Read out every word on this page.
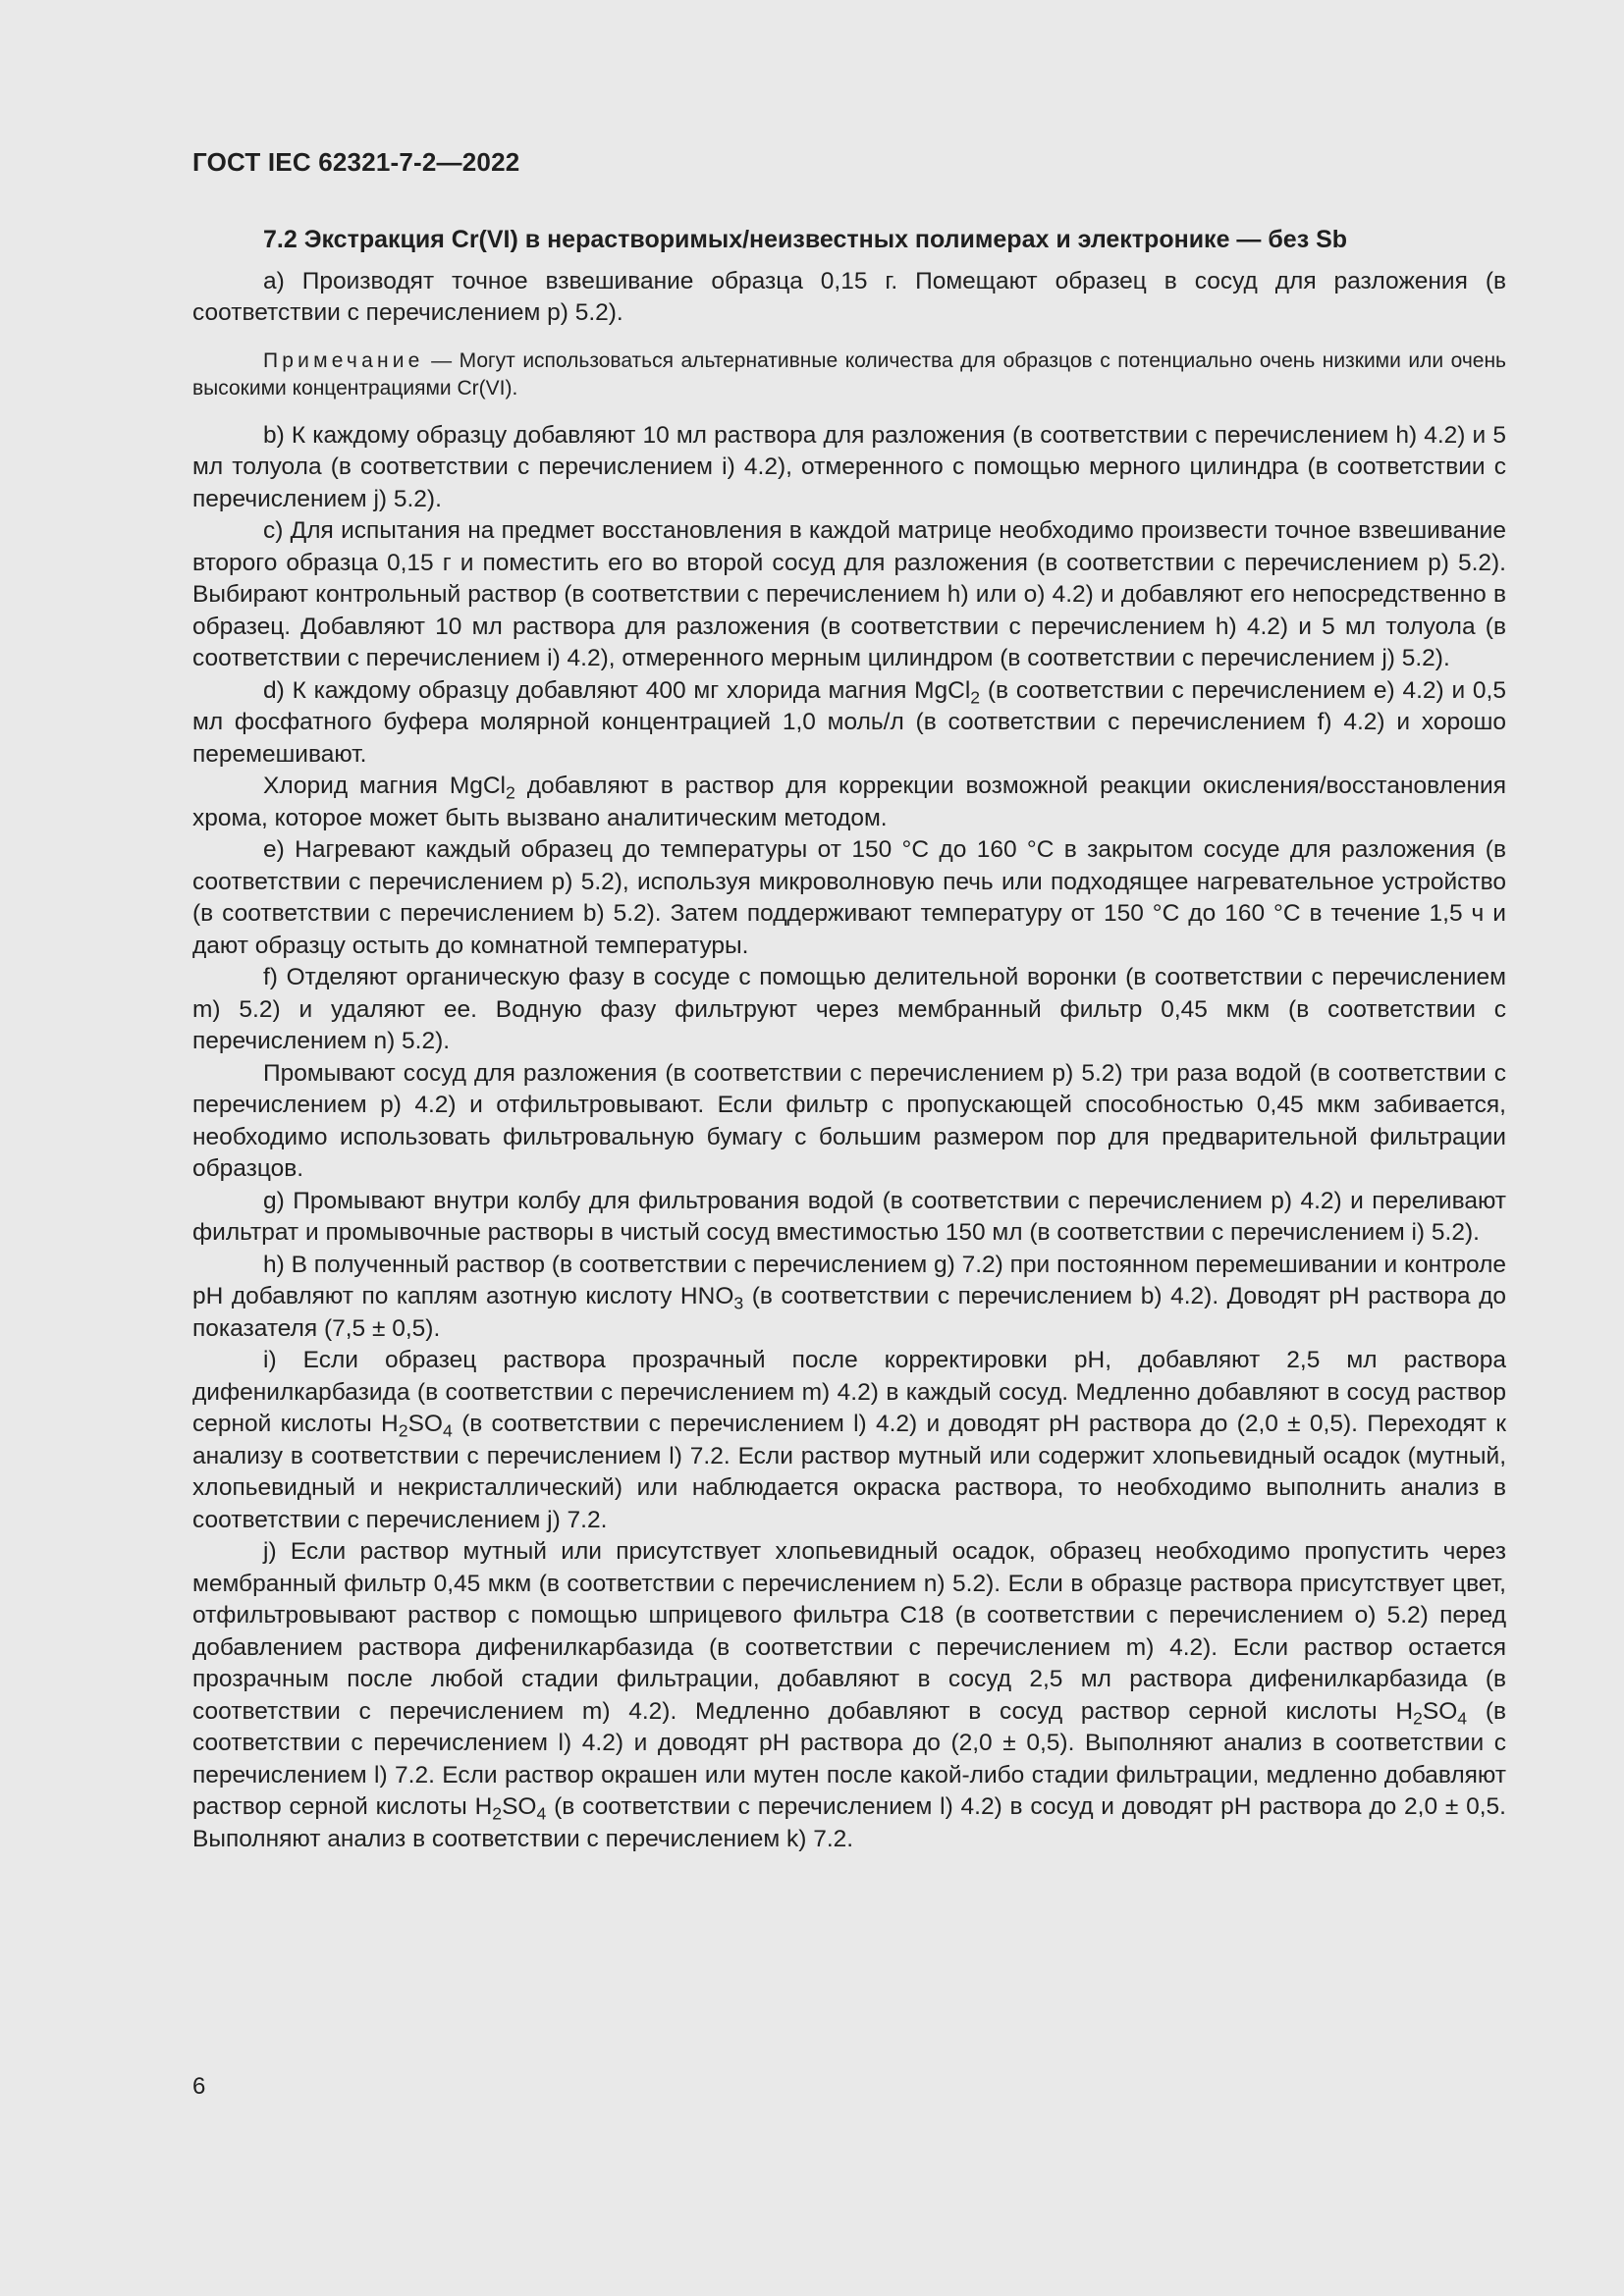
ГОСТ IEC 62321-7-2—2022
7.2 Экстракция Cr(VI) в нерастворимых/неизвестных полимерах и электронике — без Sb

a) Производят точное взвешивание образца 0,15 г. Помещают образец в сосуд для разложения (в соответствии с перечислением p) 5.2).

Примечание — Могут использоваться альтернативные количества для образцов с потенциально очень низкими или очень высокими концентрациями Cr(VI).

b) К каждому образцу добавляют 10 мл раствора для разложения (в соответствии с перечислением h) 4.2) и 5 мл толуола (в соответствии с перечислением i) 4.2), отмеренного с помощью мерного цилиндра (в соответствии с перечислением j) 5.2).

c) Для испытания на предмет восстановления в каждой матрице необходимо произвести точное взвешивание второго образца 0,15 г и поместить его во второй сосуд для разложения (в соответствии с перечислением p) 5.2). Выбирают контрольный раствор (в соответствии с перечислением h) или o) 4.2) и добавляют его непосредственно в образец. Добавляют 10 мл раствора для разложения (в соответствии с перечислением h) 4.2) и 5 мл толуола (в соответствии с перечислением i) 4.2), отмеренного мерным цилиндром (в соответствии с перечислением j) 5.2).

d) К каждому образцу добавляют 400 мг хлорида магния MgCl$_2$ (в соответствии с перечислением e) 4.2) и 0,5 мл фосфатного буфера молярной концентрацией 1,0 моль/л (в соответствии с перечислением f) 4.2) и хорошо перемешивают.

Хлорид магния MgCl$_2$ добавляют в раствор для коррекции возможной реакции окисления/восстановления хрома, которое может быть вызвано аналитическим методом.

e) Нагревают каждый образец до температуры от 150 °C до 160 °C в закрытом сосуде для разложения (в соответствии с перечислением p) 5.2), используя микроволновую печь или подходящее нагревательное устройство (в соответствии с перечислением b) 5.2). Затем поддерживают температуру от 150 °C до 160 °C в течение 1,5 ч и дают образцу остыть до комнатной температуры.

f) Отделяют органическую фазу в сосуде с помощью делительной воронки (в соответствии с перечислением m) 5.2) и удаляют ее. Водную фазу фильтруют через мембранный фильтр 0,45 мкм (в соответствии с перечислением n) 5.2).

Промывают сосуд для разложения (в соответствии с перечислением p) 5.2) три раза водой (в соответствии с перечислением p) 4.2) и отфильтровывают. Если фильтр с пропускающей способностью 0,45 мкм забивается, необходимо использовать фильтровальную бумагу с большим размером пор для предварительной фильтрации образцов.

g) Промывают внутри колбу для фильтрования водой (в соответствии с перечислением p) 4.2) и переливают фильтрат и промывочные растворы в чистый сосуд вместимостью 150 мл (в соответствии с перечислением i) 5.2).

h) В полученный раствор (в соответствии с перечислением g) 7.2) при постоянном перемешивании и контроле pH добавляют по каплям азотную кислоту $HNO_3$ (в соответствии с перечислением b) 4.2). Доводят pH раствора до показателя (7,5 ± 0,5).

i) Если образец раствора прозрачный после корректировки pH, добавляют 2,5 мл раствора дифенилкарбазида (в соответствии с перечислением m) 4.2) в каждый сосуд. Медленно добавляют в сосуд раствор серной кислоты $H_2SO_4$ (в соответствии с перечислением l) 4.2) и доводят pH раствора до (2,0 ± 0,5). Переходят к анализу в соответствии с перечислением l) 7.2. Если раствор мутный или содержит хлопьевидный осадок (мутный, хлопьевидный и некристаллический) или наблюдается окраска раствора, то необходимо выполнить анализ в соответствии с перечислением j) 7.2.

j) Если раствор мутный или присутствует хлопьевидный осадок, образец необходимо пропустить через мембранный фильтр 0,45 мкм (в соответствии с перечислением n) 5.2). Если в образце раствора присутствует цвет, отфильтровывают раствор с помощью шприцевого фильтра C18 (в соответствии с перечислением o) 5.2) перед добавлением раствора дифенилкарбазида (в соответствии с перечислением m) 4.2). Если раствор остается прозрачным после любой стадии фильтрации, добавляют в сосуд 2,5 мл раствора дифенилкарбазида (в соответствии с перечислением m) 4.2). Медленно добавляют в сосуд раствор серной кислоты $H_2SO_4$ (в соответствии с перечислением l) 4.2) и доводят pH раствора до (2,0 ± 0,5). Выполняют анализ в соответствии с перечислением l) 7.2. Если раствор окрашен или мутен после какой-либо стадии фильтрации, медленно добавляют раствор серной кислоты $H_2SO_4$ (в соответствии с перечислением l) 4.2) в сосуд и доводят pH раствора до 2,0 ± 0,5. Выполняют анализ в соответствии с перечислением k) 7.2.

6
